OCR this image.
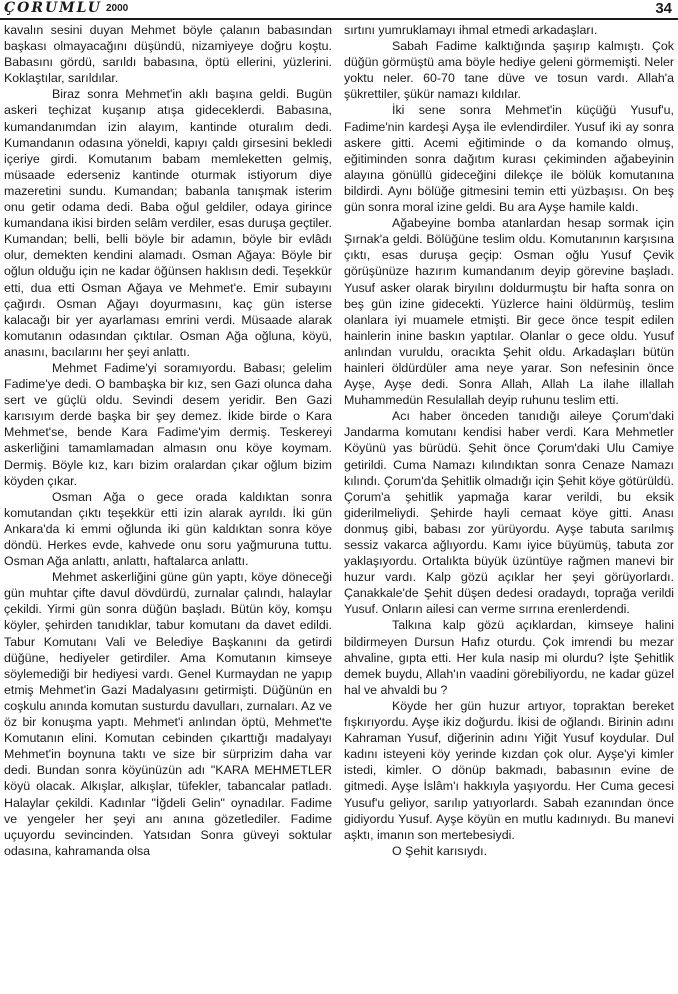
ÇORUMLU 2000	34

kavalın sesini duyan Mehmet böyle çalanın babasından başkası olmayacağını düşündü, nizamiyeye doğru koştu. Babasını gördü, sarıldı babasına, öptü ellerini, yüzlerini. Koklaştılar, sarıldılar.

Biraz sonra Mehmet'in aklı başına geldi. Bugün askeri teçhizat kuşanıp atışa gideceklerdi. Babasına, kumandanımdan izin alayım, kantinde oturalım dedi. Kumandanın odasına yöneldi, kapıyı çaldı girsesini bekledi içeriye girdi. Komutanım babam memleketten gelmiş, müsaade ederseniz kantinde oturmak istiyorum diye mazeretini sundu. Kumandan; babanla tanışmak isterim onu getir odama dedi. Baba oğul geldiler, odaya girince kumandana ikisi birden selâm verdiler, esas duruşa geçtiler. Kumandan; belli, belli böyle bir adamın, böyle bir evlâdı olur, demekten kendini alamadı. Osman Ağaya: Böyle bir oğlun olduğu için ne kadar öğünsen haklısın dedi. Teşekkür etti, dua etti Osman Ağaya ve Mehmet'e. Emir subayını çağırdı. Osman Ağayı doyurmasını, kaç gün isterse kalacağı bir yer ayarlaması emrini verdi. Müsaade alarak komutanın odasından çıktılar. Osman Ağa oğluna, köyü, anasını, bacılarını her şeyi anlattı.

Mehmet Fadime'yi soramıyordu. Babası; gelelim Fadime'ye dedi. O bambaşka bir kız, sen Gazi olunca daha sert ve güçlü oldu. Sevindi desem yeridir. Ben Gazi karısıyım derde başka bir şey demez. İkide birde o Kara Mehmet'se, bende Kara Fadime'yim dermiş. Teskereyi askerliğini tamamlamadan almasın onu köye koymam. Dermiş. Böyle kız, karı bizim oralardan çıkar oğlum bizim köyden çıkar.

Osman Ağa o gece orada kaldıktan sonra komutandan çıktı teşekkür etti izin alarak ayrıldı. İki gün Ankara'da ki emmi oğlunda iki gün kaldıktan sonra köye döndü. Herkes evde, kahvede onu soru yağmuruna tuttu. Osman Ağa anlattı, anlattı, haftalarca anlattı.

Mehmet askerliğini güne gün yaptı, köye döneceği gün muhtar çifte davul dövdürdü, zurnalar çalındı, halaylar çekildi. Yirmi gün sonra düğün başladı. Bütün köy, komşu köyler, şehirden tanıdıklar, tabur komutanı da davet edildi. Tabur Komutanı Vali ve Belediye Başkanını da getirdi düğüne, hediyeler getirdiler. Ama Komutanın kimseye söylemediği bir hediyesi vardı. Genel Kurmaydan ne yapıp etmiş Mehmet'in Gazi Madalyasını getirmişti. Düğünün en coşkulu anında komutan susturdu davulları, zurnaları. Az ve öz bir konuşma yaptı. Mehmet'i anlından öptü, Mehmet'te Komutanın elini. Komutan cebinden çıkarttığı madalyayı Mehmet'in boynuna taktı ve size bir sürprizim daha var dedi. Bundan sonra köyünüzün adı "KARA MEHMETLER köyü olacak. Alkışlar, alkışlar, tüfekler, tabancalar patladı. Halaylar çekildi. Kadınlar "İğdeli Gelin" oynadılar. Fadime ve yengeler her şeyi anı anına gözetlediler. Fadime uçuyordu sevincinden. Yatsıdan Sonra güveyi soktular odasına, kahramanda olsa

sırtını yumruklamayı ihmal etmedi arkadaşları.

Sabah Fadime kalktığında şaşırıp kalmıştı. Çok düğün görmüştü ama böyle hediye geleni görmemişti. Neler yoktu neler. 60-70 tane düve ve tosun vardı. Allah'a şükrettiler, şükür namazı kıldılar.

İki sene sonra Mehmet'in küçüğü Yusuf'u, Fadime'nin kardeşi Ayşa ile evlendirdiler. Yusuf iki ay sonra askere gitti. Acemi eğitiminde o da komando olmuş, eğitiminden sonra dağıtım kurası çekiminden ağabeyinin alayına gönüllü gideceğini dilekçe ile bölük komutanına bildirdi. Aynı bölüğe gitmesini temin etti yüzbaşısı. On beş gün sonra moral izine geldi. Bu ara Ayşe hamile kaldı.

Ağabeyine bomba atanlardan hesap sormak için Şırnak'a geldi. Bölüğüne teslim oldu. Komutanının karşısına çıktı, esas duruşa geçip: Osman oğlu Yusuf Çevik görüşünüze hazırım kumandanım deyip görevine başladı. Yusuf asker olarak biryılını doldurmuştu bir hafta sonra on beş gün izine gidecekti. Yüzlerce haini öldürmüş, teslim olanlara iyi muamele etmişti. Bir gece önce tespit edilen hainlerin inine baskın yaptılar. Olanlar o gece oldu. Yusuf anlından vuruldu, oracıkta Şehit oldu. Arkadaşları bütün hainleri öldürdüler ama neye yarar. Son nefesinin önce Ayşe, Ayşe dedi. Sonra Allah, Allah La ilahe illallah Muhammedün Resulallah deyip ruhunu teslim etti.

Acı haber önceden tanıdığı aileye Çorum'daki Jandarma komutanı kendisi haber verdi. Kara Mehmetler Köyünü yas bürüdü. Şehit önce Çorum'daki Ulu Camiye getirildi. Cuma Namazı kılındıktan sonra Cenaze Namazı kılındı. Çorum'da Şehitlik olmadığı için Şehit köye götürüldü. Çorum'a şehitlik yapmağa karar verildi, bu eksik giderilmeliydi. Şehirde hayli cemaat köye gitti. Anası donmuş gibi, babası zor yürüyordu. Ayşe tabuta sarılmış sessiz vakarca ağlıyordu. Kamı iyice büyümüş, tabuta zor yaklaşıyordu. Ortalıkta büyük üzüntüye rağmen manevi bir huzur vardı. Kalp gözü açıklar her şeyi görüyorlardı. Çanakkale'de Şehit düşen dedesi oradaydı, toprağa verildi Yusuf. Onların ailesi can verme sırrına erenlerdendi.

Talkına kalp gözü açıklardan, kimseye halini bildirmeyen Dursun Hafız oturdu. Çok imrendi bu mezar ahvaline, gıpta etti. Her kula nasip mi olurdu? İşte Şehitlik demek buydu, Allah'ın vaadini görebiliyordu, ne kadar güzel hal ve ahvaldi bu ?

Köyde her gün huzur artıyor, topraktan bereket fışkırıyordu. Ayşe ikiz doğurdu. İkisi de oğlandı. Birinin adını Kahraman Yusuf, diğerinin adını Yiğit Yusuf koydular. Dul kadını isteyeni köy yerinde kızdan çok olur. Ayşe'yi kimler istedi, kimler. O dönüp bakmadı, babasının evine de gitmedi. Ayşe İslâm'ı hakkıyla yaşıyordu. Her Cuma gecesi Yusuf'u geliyor, sarılıp yatıyorlardı. Sabah ezanından önce gidiyordu Yusuf. Ayşe köyün en mutlu kadınıydı. Bu manevi aşktı, imanın son mertebesiydi.

O Şehit karısıydı.
